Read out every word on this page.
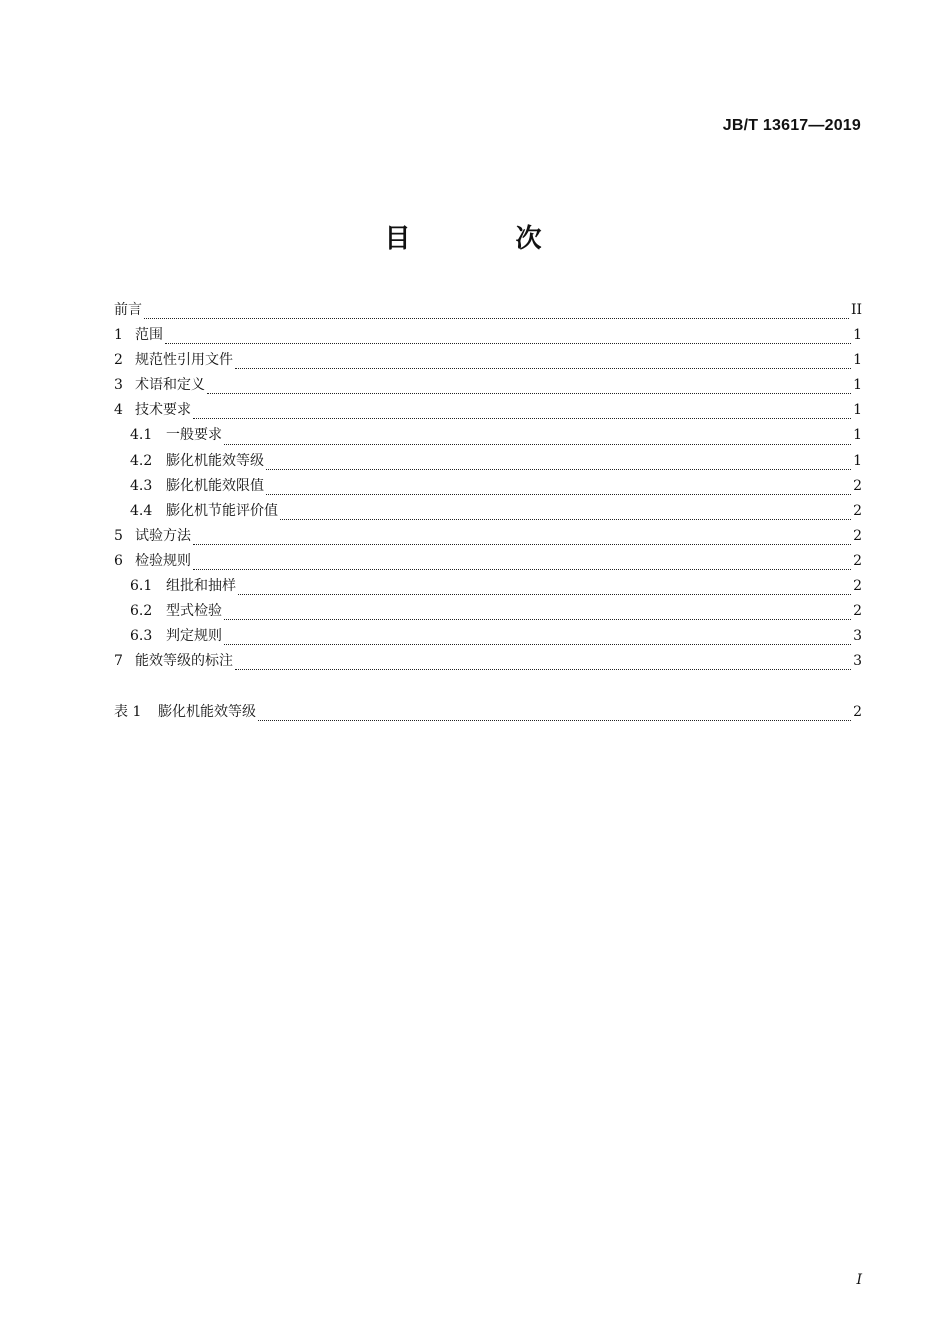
JB/T 13617—2019
目 次
前言	II
1 范围	1
2 规范性引用文件	1
3 术语和定义	1
4 技术要求	1
4.1 一般要求	1
4.2 膨化机能效等级	1
4.3 膨化机能效限值	2
4.4 膨化机节能评价值	2
5 试验方法	2
6 检验规则	2
6.1 组批和抽样	2
6.2 型式检验	2
6.3 判定规则	3
7 能效等级的标注	3
表 1	膨化机能效等级	2
I
